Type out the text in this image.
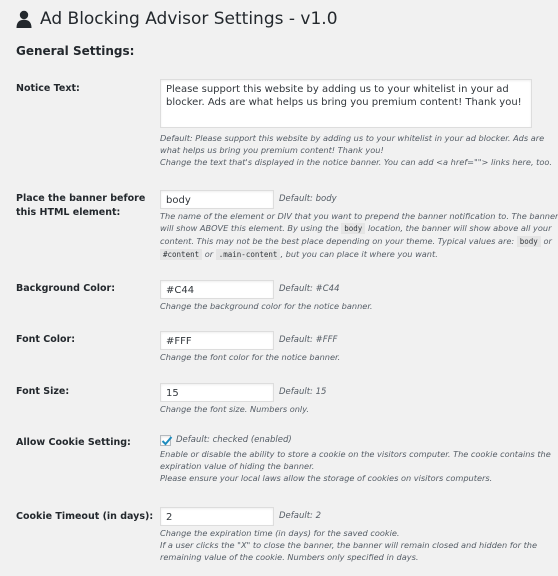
Ad Blocking Advisor Settings - v1.0
General Settings:
Notice Text:	Please support this website by adding us to your whitelist in your ad blocker. Ads are what helps us bring you premium content! Thank you!
Default: Please support this website by adding us to your whitelist in your ad blocker. Ads are
what helps us bring you premium content! Thank you!
Change the text that's displayed in the notice banner. You can add <a href=""> links here, too.
Place the banner before this HTML element:
body	Default: body
The name of the element or DIV that you want to prepend the banner notification to. The banner
will show ABOVE this element. By using the body location, the banner will show above all your
content. This may not be the best place depending on your theme. Typical values are: body or
#content or .main-content , but you can place it where you want.
Background Color:	#C44	Default: #C44
Change the background color for the notice banner.
Font Color:	#FFF	Default: #FFF
Change the font color for the notice banner.
Font Size:	15	Default: 15
Change the font size. Numbers only.
Allow Cookie Setting:	Default: checked (enabled)
Enable or disable the ability to store a cookie on the visitors computer. The cookie contains the
expiration value of hiding the banner.
Please ensure your local laws allow the storage of cookies on visitors computers.
Cookie Timeout (in days):	2	Default: 2
Change the expiration time (in days) for the saved cookie.
If a user clicks the "X" to close the banner, the banner will remain closed and hidden for the
remaining value of the cookie. Numbers only specified in days.
